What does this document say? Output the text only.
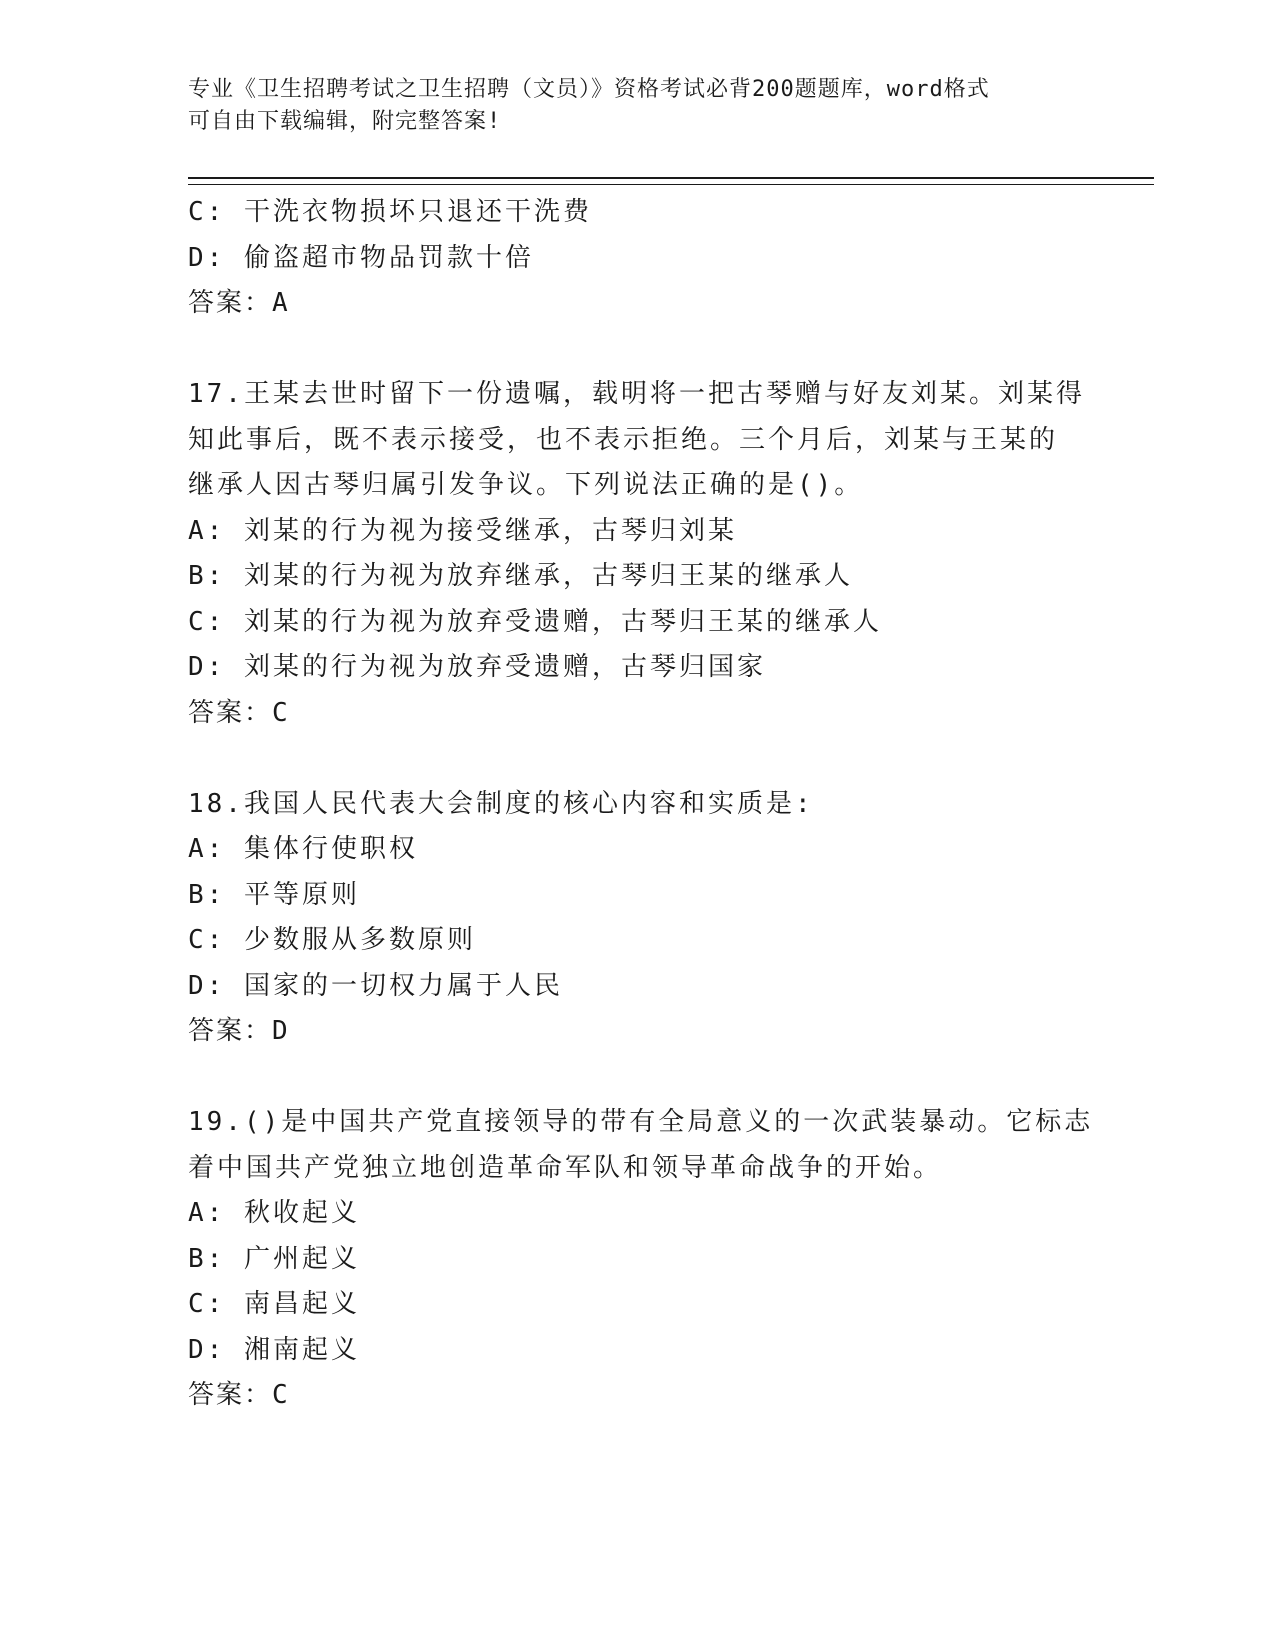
专业《卫生招聘考试之卫生招聘（文员）》资格考试必背200题题库，word格式
可自由下载编辑，附完整答案!
C: 干洗衣物损坏只退还干洗费
D: 偷盗超市物品罚款十倍
答案：A
17.王某去世时留下一份遗嘱，载明将一把古琴赠与好友刘某。刘某得
知此事后，既不表示接受，也不表示拒绝。三个月后，刘某与王某的
继承人因古琴归属引发争议。下列说法正确的是()。
A: 刘某的行为视为接受继承，古琴归刘某
B: 刘某的行为视为放弃继承，古琴归王某的继承人
C: 刘某的行为视为放弃受遗赠，古琴归王某的继承人
D: 刘某的行为视为放弃受遗赠，古琴归国家
答案：C
18.我国人民代表大会制度的核心内容和实质是:
A: 集体行使职权
B: 平等原则
C: 少数服从多数原则
D: 国家的一切权力属于人民
答案：D
19.()是中国共产党直接领导的带有全局意义的一次武装暴动。它标志
着中国共产党独立地创造革命军队和领导革命战争的开始。
A: 秋收起义
B: 广州起义
C: 南昌起义
D: 湘南起义
答案：C
